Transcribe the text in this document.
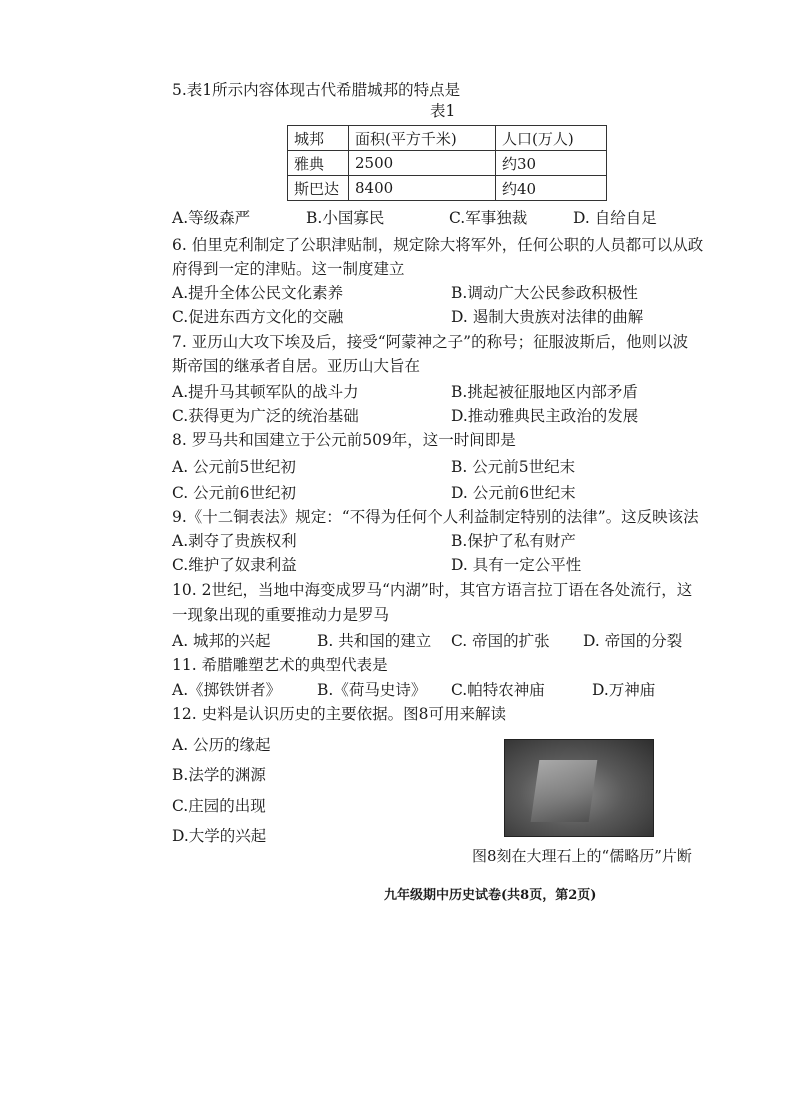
5.表1所示内容体现古代希腊城邦的特点是
表1
城邦	面积(平方千米)	人口(万人)
雅典	2500	约30
斯巴达	8400	约40
A.等级森严	B.小国寡民	C.军事独裁	D. 自给自足
6. 伯里克利制定了公职津贴制，规定除大将军外，任何公职的人员都可以从政
府得到一定的津贴。这一制度建立
A.提升全体公民文化素养	B.调动广大公民参政积极性
C.促进东西方文化的交融	D. 遏制大贵族对法律的曲解
7. 亚历山大攻下埃及后，接受“阿蒙神之子”的称号；征服波斯后，他则以波
斯帝国的继承者自居。亚历山大旨在
A.提升马其顿军队的战斗力	B.挑起被征服地区内部矛盾
C.获得更为广泛的统治基础	D.推动雅典民主政治的发展
8. 罗马共和国建立于公元前509年，这一时间即是
A. 公元前5世纪初	B. 公元前5世纪末
C. 公元前6世纪初	D. 公元前6世纪末
9.《十二铜表法》规定：“不得为任何个人利益制定特别的法律”。这反映该法
A.剥夺了贵族权利	B.保护了私有财产
C.维护了奴隶利益	D. 具有一定公平性
10. 2世纪，当地中海变成罗马“内湖”时，其官方语言拉丁语在各处流行，这
一现象出现的重要推动力是罗马
A. 城邦的兴起	B. 共和国的建立 C. 帝国的扩张 D. 帝国的分裂
11. 希腊雕塑艺术的典型代表是
A.《掷铁饼者》 B.《荷马史诗》 C.帕特农神庙	D.万神庙
12. 史料是认识历史的主要依据。图8可用来解读
A. 公历的缘起
B.法学的渊源
C.庄园的出现
D.大学的兴起
图8刻在大理石上的“儒略历”片断
九年级期中历史试卷(共8页，第2页)
